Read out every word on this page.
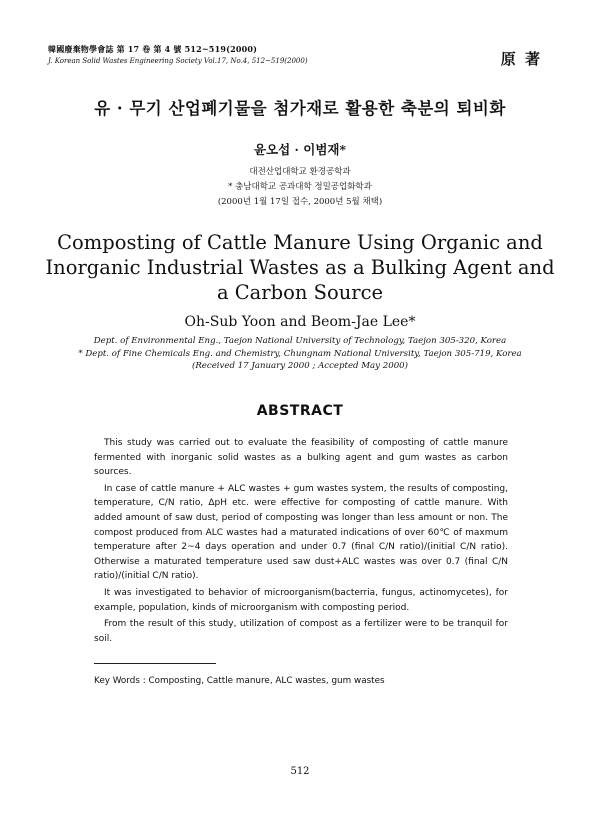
韓國廢棄物學會誌 第 17 卷 第 4 號 512~519(2000)
J. Korean Solid Wastes Engineering Society Vol.17, No.4, 512~519(2000)	原 著
유 · 무기 산업폐기물을 첨가재로 활용한 축분의 퇴비화
윤오섭 · 이범재*
대전산업대학교 환경공학과
* 충남대학교 공과대학 정밀공업화학과
(2000년 1월 17일 접수, 2000년 5월 채택)
Composting of Cattle Manure Using Organic and Inorganic Industrial Wastes as a Bulking Agent and a Carbon Source
Oh-Sub Yoon and Beom-Jae Lee*
Dept. of Environmental Eng., Taejon National University of Technology, Taejon 305-320, Korea
* Dept. of Fine Chemicals Eng. and Chemistry, Chungnam National University, Taejon 305-719, Korea
(Received 17 January 2000 ; Accepted May 2000)
ABSTRACT

This study was carried out to evaluate the feasibility of composting of cattle manure fermented with inorganic solid wastes as a bulking agent and gum wastes as carbon sources.

In case of cattle manure + ALC wastes + gum wastes system, the results of composting, temperature, C/N ratio, ΔpH etc. were effective for composting of cattle manure. With added amount of saw dust, period of composting was longer than less amount or non. The compost produced from ALC wastes had a maturated indications of over 60℃ of maxmum temperature after 2~4 days operation and under 0.7 (final C/N ratio)/(initial C/N ratio). Otherwise a maturated temperature used saw dust+ALC wastes was over 0.7 (final C/N ratio)/(initial C/N ratio).

It was investigated to behavior of microorganism(bacterria, fungus, actinomycetes), for example, population, kinds of microorganism with composting period.

From the result of this study, utilization of compost as a fertilizer were to be tranquil for soil.

Key Words : Composting, Cattle manure, ALC wastes, gum wastes
512
